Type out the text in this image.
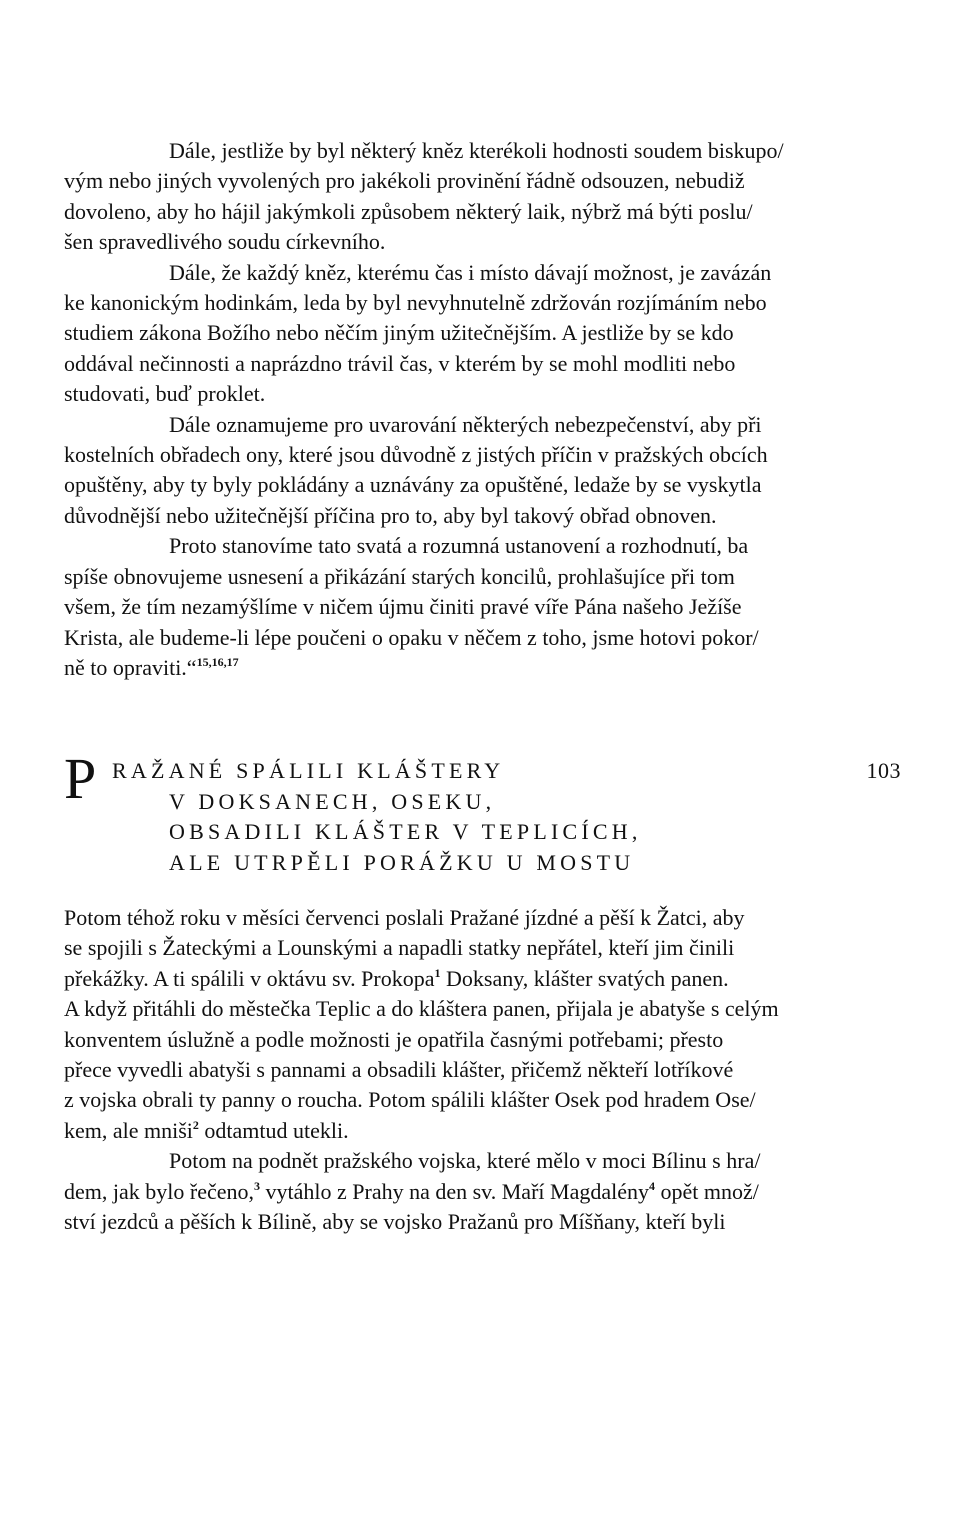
Dále, jestliže by byl některý kněz kterékoli hodnosti soudem biskupo/
vým nebo jiných vyvolených pro jakékoli provinění řádně odsouzen, nebudiž
dovoleno, aby ho hájil jakýmkoli způsobem některý laik, nýbrž má býti poslu/
šen spravedlivého soudu církevního.

Dále, že každý kněz, kterému čas i místo dávají možnost, je zavázán
ke kanonickým hodinkám, leda by byl nevyhnutelně zdržován rozjímáním nebo
studiem zákona Božího nebo něčím jiným užitečnějším. A jestliže by se kdo
oddával nečinnosti a naprázdno trávil čas, v kterém by se mohl modliti nebo
studovati, buď proklet.

Dále oznamujeme pro uvarování některých nebezpečenství, aby při
kostelních obřadech ony, které jsou důvodně z jistých příčin v pražských obcích
opuštěny, aby ty byly pokládány a uznávány za opuštěné, ledaže by se vyskytla
důvodnější nebo užitečnější příčina pro to, aby byl takový obřad obnoven.

Proto stanovíme tato svatá a rozumná ustanovení a rozhodnutí, ba
spíše obnovujeme usnesení a přikázání starých koncilů, prohlašujíce při tom
všem, že tím nezamýšlíme v ničem újmu činiti pravé víře Pána našeho Ježíše
Krista, ale budeme-li lépe poučeni o opaku v něčem z toho, jsme hotovi pokor/
ně to opraviti.“$^{15,16,17}$

P RAŽANÉ SPÁLILI KLÁŠTERY
V DOKSANECH, OSEKU,
OBSADILI KLÁŠTER V TEPLICÍCH,
ALE UTRPĚLI PORÁŽKU U MOSTU
103

Potom téhož roku v měsíci červenci poslali Pražané jízdné a pěší k Žatci, aby
se spojili s Žateckými a Lounskými a napadli statky nepřátel, kteří jim činili
překážky. A ti spálili v oktávu sv. Prokopa$^1$ Doksany, klášter svatých panen.
A když přitáhli do městečka Teplic a do kláštera panen, přijala je abatyše s celým
konventem úslužně a podle možnosti je opatřila časnými potřebami; přesto
přece vyvedli abatyši s pannami a obsadili klášter, přičemž někteří lotříkové
z vojska obrali ty panny o roucha. Potom spálili klášter Osek pod hradem Ose/
kem, ale mniši$^2$ odtamtud utekli.

Potom na podnět pražského vojska, které mělo v moci Bílinu s hra/
dem, jak bylo řečeno,$^3$ vytáhlo z Prahy na den sv. Maří Magdalény$^4$ opět množ/
ství jezdců a pěších k Bílině, aby se vojsko Pražanů pro Míšňany, kteří byli
